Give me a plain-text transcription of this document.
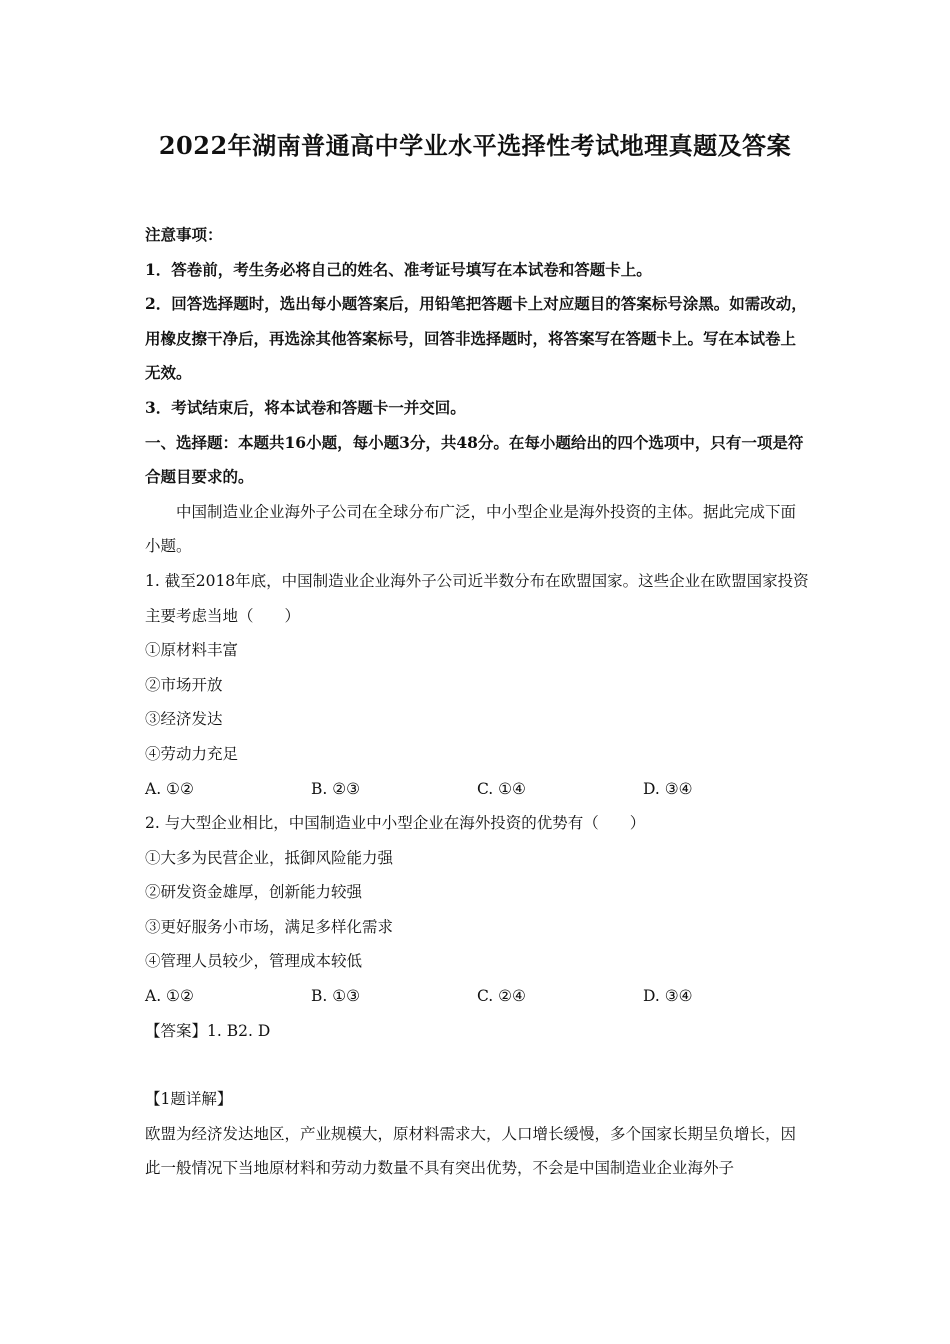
2022年湖南普通高中学业水平选择性考试地理真题及答案

注意事项：

1．答卷前，考生务必将自己的姓名、准考证号填写在本试卷和答题卡上。

2．回答选择题时，选出每小题答案后，用铅笔把答题卡上对应题目的答案标号涂黑。如需改动，用橡皮擦干净后，再选涂其他答案标号，回答非选择题时，将答案写在答题卡上。写在本试卷上无效。

3．考试结束后，将本试卷和答题卡一并交回。

一、选择题：本题共16小题，每小题3分，共48分。在每小题给出的四个选项中，只有一项是符合题目要求的。

中国制造业企业海外子公司在全球分布广泛，中小型企业是海外投资的主体。据此完成下面小题。

1. 截至2018年底，中国制造业企业海外子公司近半数分布在欧盟国家。这些企业在欧盟国家投资主要考虑当地（　　）

①原材料丰富

②市场开放

③经济发达

④劳动力充足

A. ①②	B. ②③	C. ①④	D. ③④

2. 与大型企业相比，中国制造业中小型企业在海外投资的优势有（　　）

①大多为民营企业，抵御风险能力强

②研发资金雄厚，创新能力较强

③更好服务小市场，满足多样化需求

④管理人员较少，管理成本较低

A. ①②	B. ①③	C. ②④	D. ③④

【答案】1. B2. D

【1题详解】

欧盟为经济发达地区，产业规模大，原材料需求大，人口增长缓慢，多个国家长期呈负增长，因此一般情况下当地原材料和劳动力数量不具有突出优势，不会是中国制造业企业海外子
